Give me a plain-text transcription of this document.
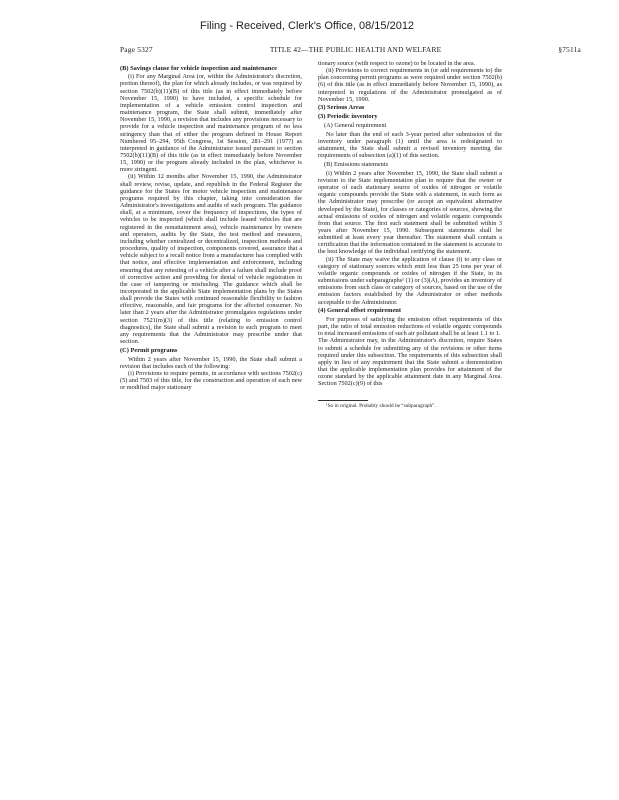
Filing - Received, Clerk's Office, 08/15/2012
Page 5327	TITLE 42—THE PUBLIC HEALTH AND WELFARE	§7511a
(B) Savings clause for vehicle inspection and maintenance

(i) For any Marginal Area (or, within the Administrator's discretion, portion thereof), the plan for which already includes, or was required by section 7502(b)(11)(B) of this title (as in effect immediately before November 15, 1990) to have included, a specific schedule for implementation of a vehicle emission control inspection and maintenance program, the State shall submit, immediately after November 15, 1990, a revision that includes any provisions necessary to provide for a vehicle inspection and maintenance program of no less stringency than that of either the program defined in House Report Numbered 95–294, 95th Congress, 1st Session, 281–291 (1977) as interpreted in guidance of the Administrator issued pursuant to section 7502(b)(11)(B) of this title (as in effect immediately before November 15, 1990) or the program already included in the plan, whichever is more stringent.

(ii) Within 12 months after November 15, 1990, the Administrator shall review, revise, update, and republish in the Federal Register the guidance for the States for motor vehicle inspection and maintenance programs required by this chapter, taking into consideration the Administrator's investigations and audits of such program. The guidance shall, at a minimum, cover the frequency of inspections, the types of vehicles to be inspected (which shall include leased vehicles that are registered in the nonattainment area), vehicle maintenance by owners and operators, audits by the State, the test method and measures, including whether centralized or decentralized, inspection methods and procedures, quality of inspection, components covered, assurance that a vehicle subject to a recall notice from a manufacturer has complied with that notice, and effective implementation and enforcement, including ensuring that any retesting of a vehicle after a failure shall include proof of corrective action and providing for denial of vehicle registration in the case of tampering or misfueling. The guidance which shall be incorporated in the applicable State implementation plans by the States shall provide the States with continued reasonable flexibility to fashion effective, reasonable, and fair programs for the affected consumer. No later than 2 years after the Administrator promulgates regulations under section 7521(m)(3) of this title (relating to emission control diagnostics), the State shall submit a revision to such program to meet any requirements that the Administrator may prescribe under that section.

(C) Permit programs

Within 2 years after November 15, 1990, the State shall submit a revision that includes each of the following:

(i) Provisions to require permits, in accordance with sections 7502(c)(5) and 7503 of this title, for the construction and operation of each new or modified major stationary

tionary source (with respect to ozone) to be located in the area.

(ii) Provisions to correct requirements in (or add requirements to) the plan concerning permit programs as were required under section 7502(b)(6) of this title (as in effect immediately before November 15, 1990), as interpreted in regulations of the Administrator promulgated as of November 15, 1990.

(3) Serious Areas
(3) Periodic inventory
(A) General requirement

No later than the end of each 3-year period after submission of the inventory under paragraph (1) until the area is redesignated to attainment, the State shall submit a revised inventory meeting the requirements of subsection (a)(1) of this section.

(B) Emissions statements

(i) Within 2 years after November 15, 1990, the State shall submit a revision to the State implementation plan to require that the owner or operator of each stationary source of oxides of nitrogen or volatile organic compounds provide the State with a statement, in such form as the Administrator may prescribe (or accept an equivalent alternative developed by the State), for classes or categories of sources, showing the actual emissions of oxides of nitrogen and volatile organic compounds from that source. The first such statement shall be submitted within 3 years after November 15, 1990. Subsequent statements shall be submitted at least every year thereafter. The statement shall contain a certification that the information contained in the statement is accurate to the best knowledge of the individual certifying the statement.

(ii) The State may waive the application of clause (i) to any class or category of stationary sources which emit less than 25 tons per year of volatile organic compounds or oxides of nitrogen if the State, in its submissions under subparagraphs¹ (1) or (3)(A), provides an inventory of emissions from such class or category of sources, based on the use of the emission factors established by the Administrator or other methods acceptable to the Administrator.

(4) General offset requirement

For purposes of satisfying the emission offset requirements of this part, the ratio of total emission reductions of volatile organic compounds to total increased emissions of such air pollutant shall be at least 1.1 to 1.

The Administrator may, in the Administrator's discretion, require States to submit a schedule for submitting any of the revisions or other items required under this subsection. The requirements of this subsection shall apply in lieu of any requirement that the State submit a demonstration that the applicable implementation plan provides for attainment of the ozone standard by the applicable attainment date in any Marginal Area. Section 7502(c)(9) of this

¹So in original. Probably should be “subparagraph”.
